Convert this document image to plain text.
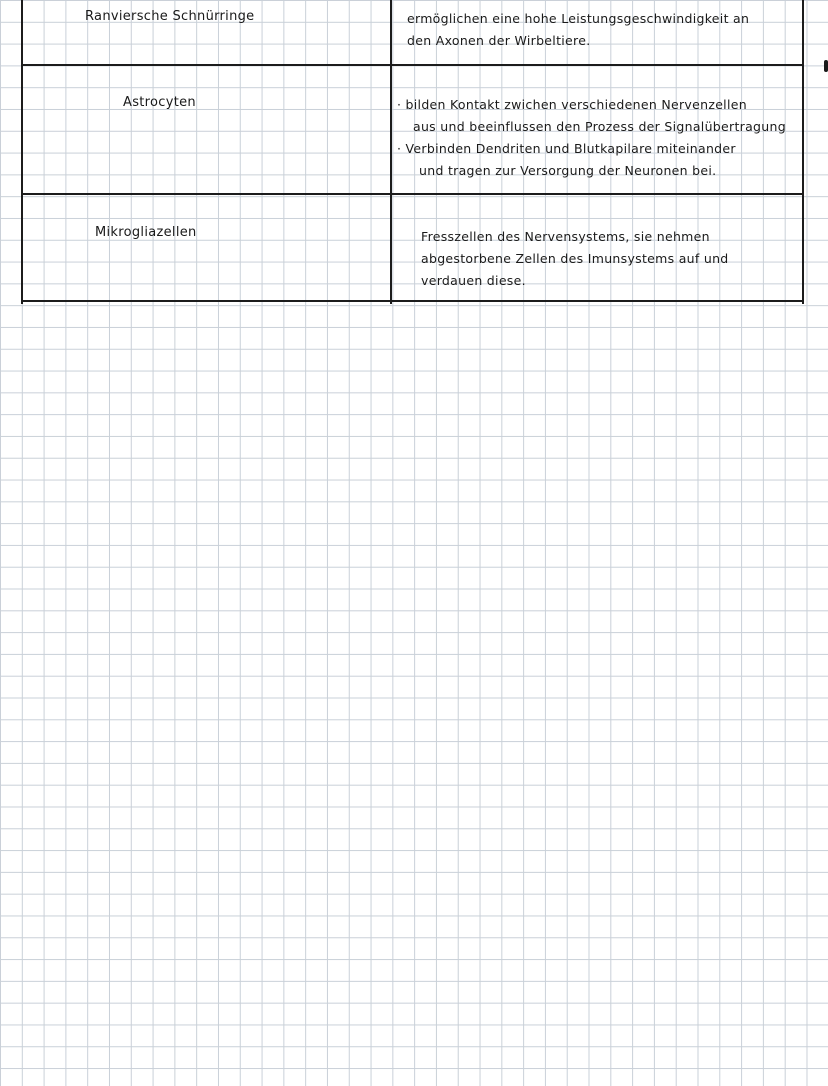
Ranviersche Schnürringe	ermöglichen eine hohe Leistungsgeschwindigkeit an
den Axonen der Wirbeltiere.
Astrocyten	· bilden Kontakt zwichen verschiedenen Nervenzellen
aus und beeinflussen den Prozess der Signalübertragung
· Verbinden Dendriten und Blutkapilare miteinander
und tragen zur Versorgung der Neuronen bei.
Mikrogliazellen	Fresszellen des Nervensystems, sie nehmen
abgestorbene Zellen des Imunsystems auf und
verdauen diese.
